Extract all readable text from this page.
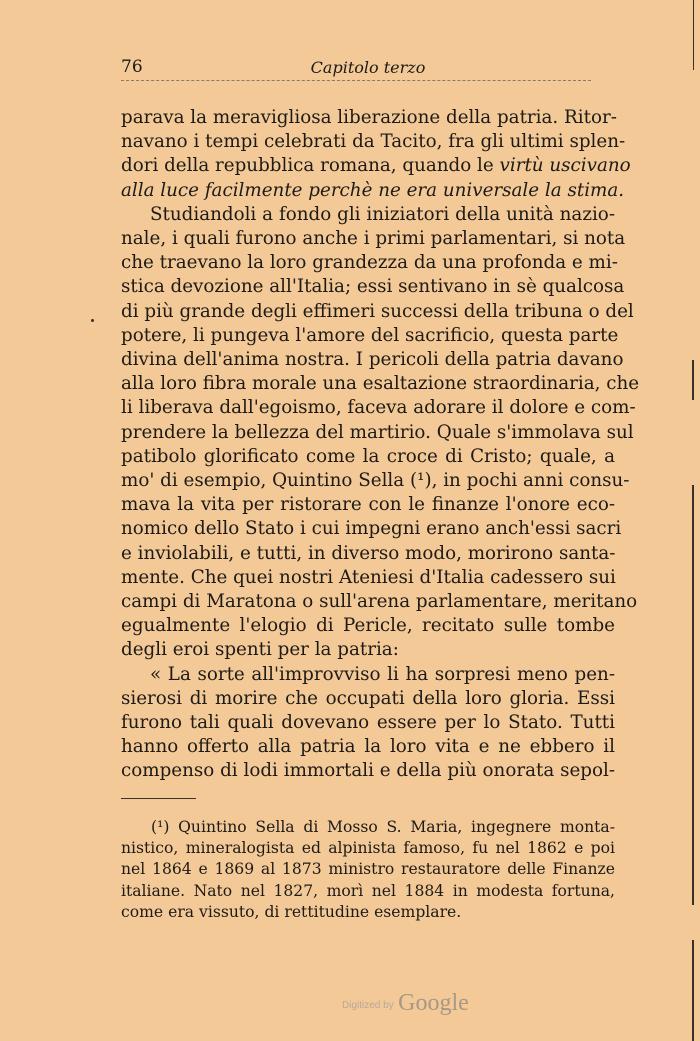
76	Capitolo terzo
parava la meravigliosa liberazione della patria. Ritor-
navano i tempi celebrati da Tacito, fra gli ultimi splen-
dori della repubblica romana, quando le virtù uscivano
alla luce facilmente perchè ne era universale la stima.
Studiandoli a fondo gli iniziatori della unità nazio-
nale, i quali furono anche i primi parlamentari, si nota
che traevano la loro grandezza da una profonda e mi-
stica devozione all'Italia; essi sentivano in sè qualcosa
di più grande degli effimeri successi della tribuna o del
potere, li pungeva l'amore del sacrificio, questa parte
divina dell'anima nostra. I pericoli della patria davano
alla loro fibra morale una esaltazione straordinaria, che
li liberava dall'egoismo, faceva adorare il dolore e com-
prendere la bellezza del martirio. Quale s'immolava sul
patibolo glorificato come la croce di Cristo; quale, a
mo' di esempio, Quintino Sella (¹), in pochi anni consu-
mava la vita per ristorare con le finanze l'onore eco-
nomico dello Stato i cui impegni erano anch'essi sacri
e inviolabili, e tutti, in diverso modo, morirono santa-
mente. Che quei nostri Ateniesi d'Italia cadessero sui
campi di Maratona o sull'arena parlamentare, meritano
egualmente l'elogio di Pericle, recitato sulle tombe
degli eroi spenti per la patria:
« La sorte all'improvviso li ha sorpresi meno pen-
sierosi di morire che occupati della loro gloria. Essi
furono tali quali dovevano essere per lo Stato. Tutti
hanno offerto alla patria la loro vita e ne ebbero il
compenso di lodi immortali e della più onorata sepol-
(¹) Quintino Sella di Mosso S. Maria, ingegnere monta-
nistico, mineralogista ed alpinista famoso, fu nel 1862 e poi
nel 1864 e 1869 al 1873 ministro restauratore delle Finanze
italiane. Nato nel 1827, morì nel 1884 in modesta fortuna,
come era vissuto, di rettitudine esemplare.
Digitized by Google
